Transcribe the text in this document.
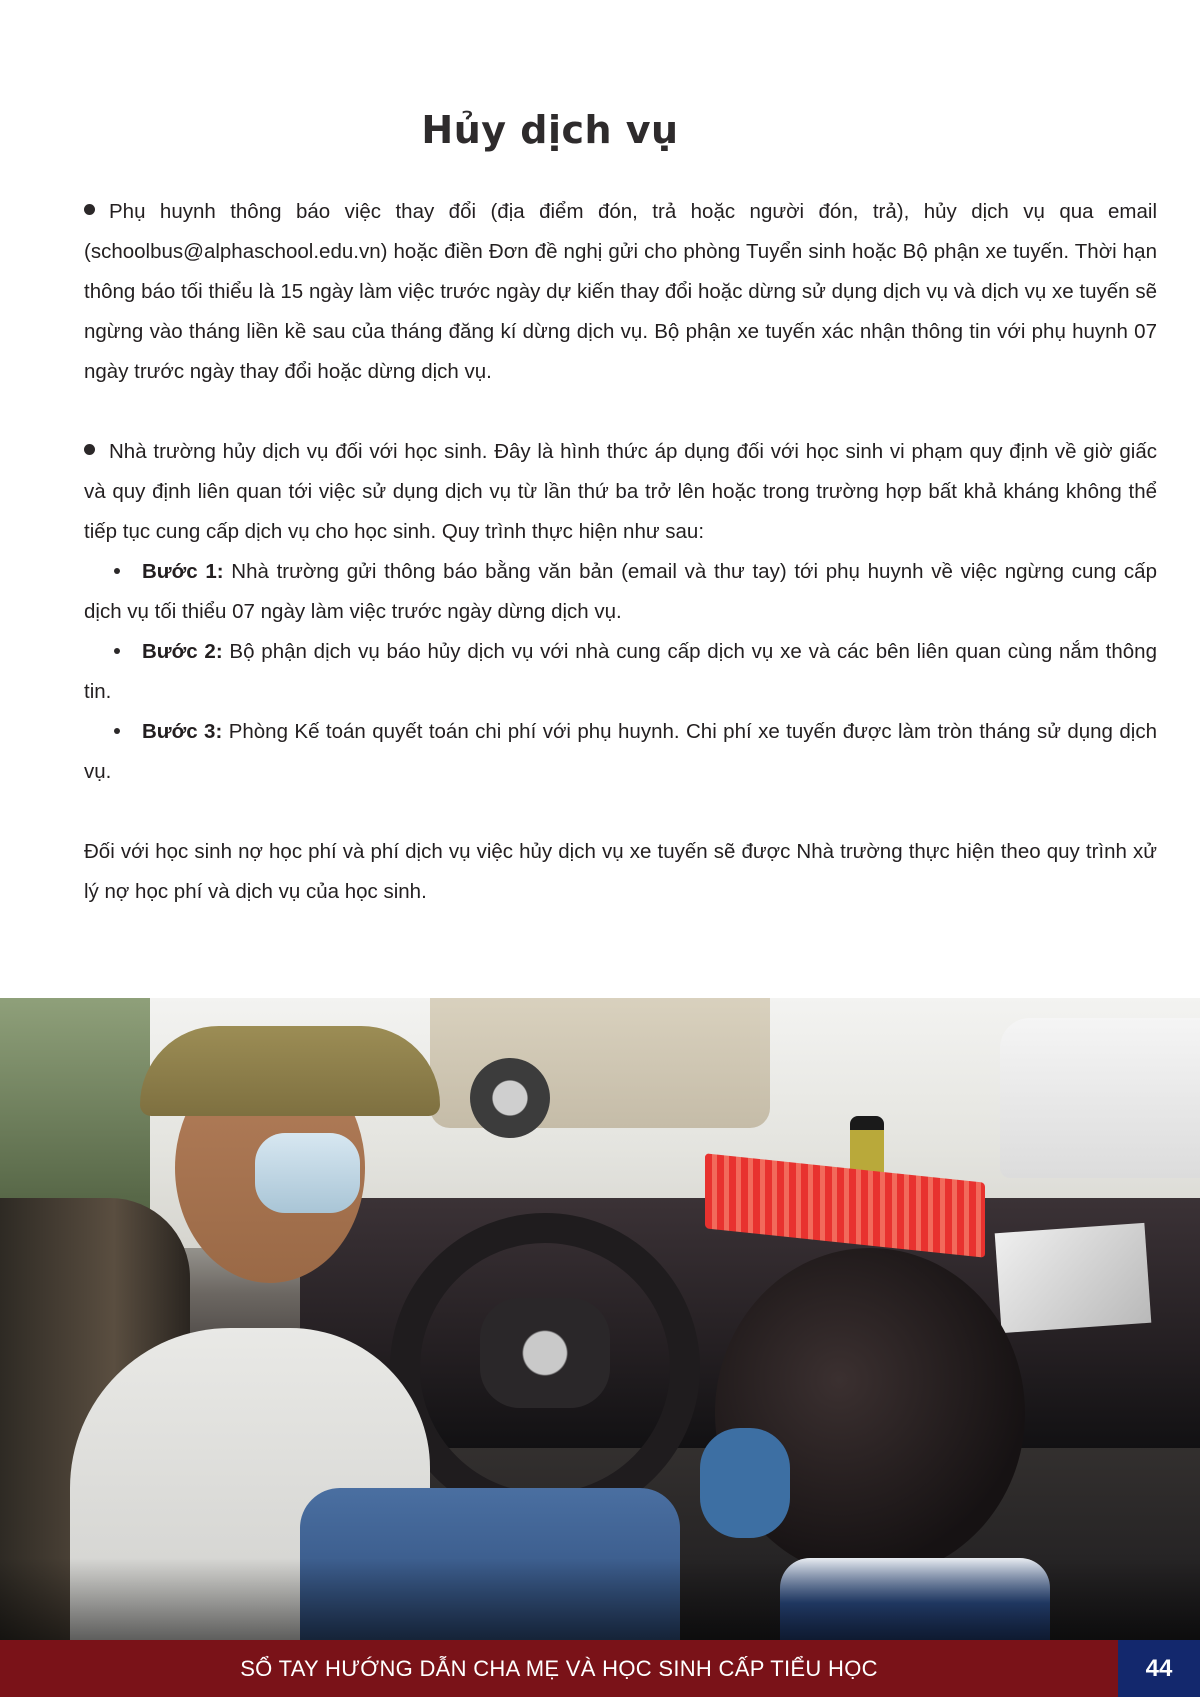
Hủy dịch vụ

Phụ huynh thông báo việc thay đổi (địa điểm đón, trả hoặc người đón, trả), hủy dịch vụ qua email (schoolbus@alphaschool.edu.vn) hoặc điền Đơn đề nghị gửi cho phòng Tuyển sinh hoặc Bộ phận xe tuyến. Thời hạn thông báo tối thiểu là 15 ngày làm việc trước ngày dự kiến thay đổi hoặc dừng sử dụng dịch vụ và dịch vụ xe tuyến sẽ ngừng vào tháng liền kề sau của tháng đăng kí dừng dịch vụ. Bộ phận xe tuyến xác nhận thông tin với phụ huynh 07 ngày trước ngày thay đổi hoặc dừng dịch vụ.

Nhà trường hủy dịch vụ đối với học sinh. Đây là hình thức áp dụng đối với học sinh vi phạm quy định về giờ giấc và quy định liên quan tới việc sử dụng dịch vụ từ lần thứ ba trở lên hoặc trong trường hợp bất khả kháng không thể tiếp tục cung cấp dịch vụ cho học sinh. Quy trình thực hiện như sau:

Bước 1: Nhà trường gửi thông báo bằng văn bản (email và thư tay) tới phụ huynh về việc ngừng cung cấp dịch vụ tối thiểu 07 ngày làm việc trước ngày dừng dịch vụ.

Bước 2: Bộ phận dịch vụ báo hủy dịch vụ với nhà cung cấp dịch vụ xe và các bên liên quan cùng nắm thông tin.

Bước 3: Phòng Kế toán quyết toán chi phí với phụ huynh. Chi phí xe tuyến được làm tròn tháng sử dụng dịch vụ.

Đối với học sinh nợ học phí và phí dịch vụ việc hủy dịch vụ xe tuyến sẽ được Nhà trường thực hiện theo quy trình xử lý nợ học phí và dịch vụ của học sinh.

SỔ TAY HƯỚNG DẪN CHA MẸ VÀ HỌC SINH CẤP TIỂU HỌC	44
